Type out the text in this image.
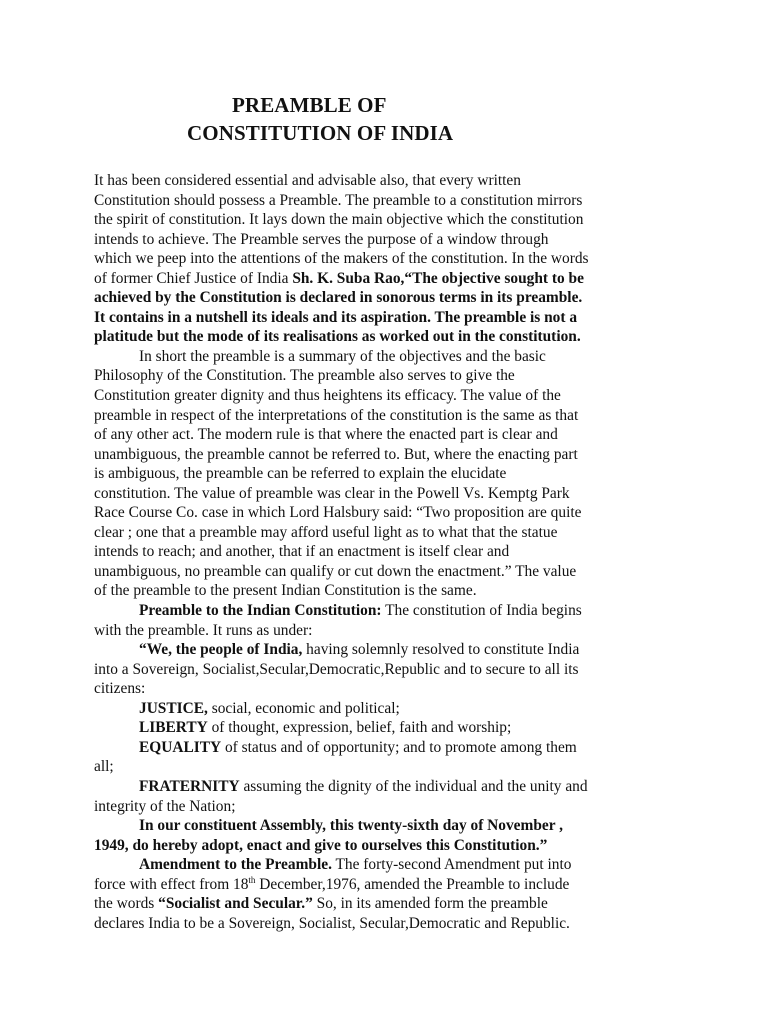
PREAMBLE OF
CONSTITUTION OF INDIA

It has been considered essential and advisable also, that every written
Constitution should possess a Preamble. The preamble to a constitution mirrors
the spirit of constitution. It lays down the main objective which the constitution
intends to achieve. The Preamble serves the purpose of a window through
which we peep into the attentions of the makers of the constitution. In the words
of former Chief Justice of India Sh. K. Suba Rao,“The objective sought to be
achieved by the Constitution is declared in sonorous terms in its preamble.
It contains in a nutshell its ideals and its aspiration. The preamble is not a
platitude but the mode of its realisations as worked out in the constitution.

In short the preamble is a summary of the objectives and the basic
Philosophy of the Constitution. The preamble also serves to give the
Constitution greater dignity and thus heightens its efficacy. The value of the
preamble in respect of the interpretations of the constitution is the same as that
of any other act. The modern rule is that where the enacted part is clear and
unambiguous, the preamble cannot be referred to. But, where the enacting part
is ambiguous, the preamble can be referred to explain the elucidate
constitution. The value of preamble was clear in the Powell Vs. Kemptg Park
Race Course Co. case in which Lord Halsbury said: “Two proposition are quite
clear ; one that a preamble may afford useful light as to what that the statue
intends to reach; and another, that if an enactment is itself clear and
unambiguous, no preamble can qualify or cut down the enactment.” The value
of the preamble to the present Indian Constitution is the same.

Preamble to the Indian Constitution: The constitution of India begins
with the preamble. It runs as under:

“We, the people of India, having solemnly resolved to constitute India
into a Sovereign, Socialist,Secular,Democratic,Republic and to secure to all its
citizens:

JUSTICE, social, economic and political;

LIBERTY of thought, expression, belief, faith and worship;

EQUALITY of status and of opportunity; and to promote among them
all;

FRATERNITY assuming the dignity of the individual and the unity and
integrity of the Nation;

In our constituent Assembly, this twenty-sixth day of November ,
1949, do hereby adopt, enact and give to ourselves this Constitution.”

Amendment to the Preamble. The forty-second Amendment put into
force with effect from 18th December,1976, amended the Preamble to include
the words “Socialist and Secular.” So, in its amended form the preamble
declares India to be a Sovereign, Socialist, Secular,Democratic and Republic.
